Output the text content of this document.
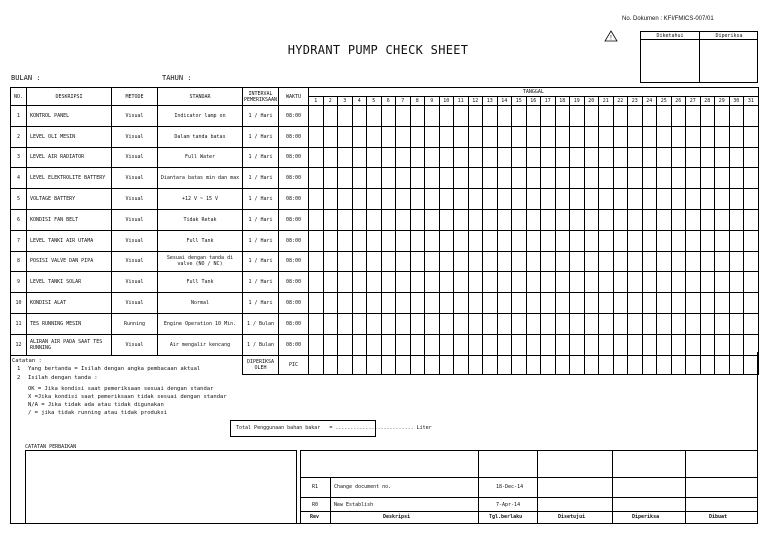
No. Dokumen : KFI/FMICS-007/01
!
HYDRANT PUMP CHECK SHEET
Diketahui	Diperiksa
BULAN :	TAHUN :
NO.	DESKRIPSI	METODE	STANDAR	INTERVAL PEMERIKSAAN	WAKTU	TANGGAL																														
						1	2	3	4	5	6	7	8	9	10	11	12	13	14	15	16	17	18	19	20	21	22	23	24	25	26	27	28	29	30	31
1	KONTROL PANEL	Visual	Indicator lamp on	1 / Hari	08:00																															
2	LEVEL OLI MESIN	Visual	Dalam tanda batas	1 / Hari	08:00																															
3	LEVEL AIR RADIATOR	Visual	Full Water	1 / Hari	08:00																															
4	LEVEL ELEKTROLITE BATTERY	Visual	Diantara batas min dan max	1 / Hari	08:00																															
5	VOLTAGE BATTERY	Visual	+12 V ~ 15 V	1 / Hari	08:00																															
6	KONDISI FAN BELT	Visual	Tidak Retak	1 / Hari	08:00																															
7	LEVEL TANKI AIR UTAMA	Visual	Full Tank	1 / Hari	08:00																															
8	POSISI VALVE DAN PIPA	Visual	Sesuai dengan tanda di valve (NO / NC)	1 / Hari	08:00																															
9	LEVEL TANKI SOLAR	Visual	Full Tank	1 / Hari	08:00																															
10	KONDISI ALAT	Visual	Normal	1 / Hari	08:00																															
11	TES RUNNING MESIN	Running	Engine Operation 10 Min.	1 / Bulan	08:00																															
12	ALIRAN AIR PADA SAAT TES RUNNING	Visual	Air mengalir kencang	1 / Bulan	08:00																															
				DIPERIKSA OLEH	PIC																															
Catatan :
1 Yang bertanda = Isilah dengan angka pembacaan aktual
2 Isilah dengan tanda :
OK = Jika kondisi saat pemeriksaan sesuai dengan standar
X =Jika kondisi saat pemeriksaan tidak sesuai dengan standar
N/A = Jika tidak ada atau tidak digunakan
/ = jika tidak running atau tidak produksi
Total Penggunaan bahan bakar = .......................... Liter
CATATAN PERBAIKAN
R1	Change document no.	18-Dec-14
R0	New Establish	7-Apr-14
Rev	Deskripsi	Tgl.berlaku	Disetujui	Diperiksa	Dibuat
